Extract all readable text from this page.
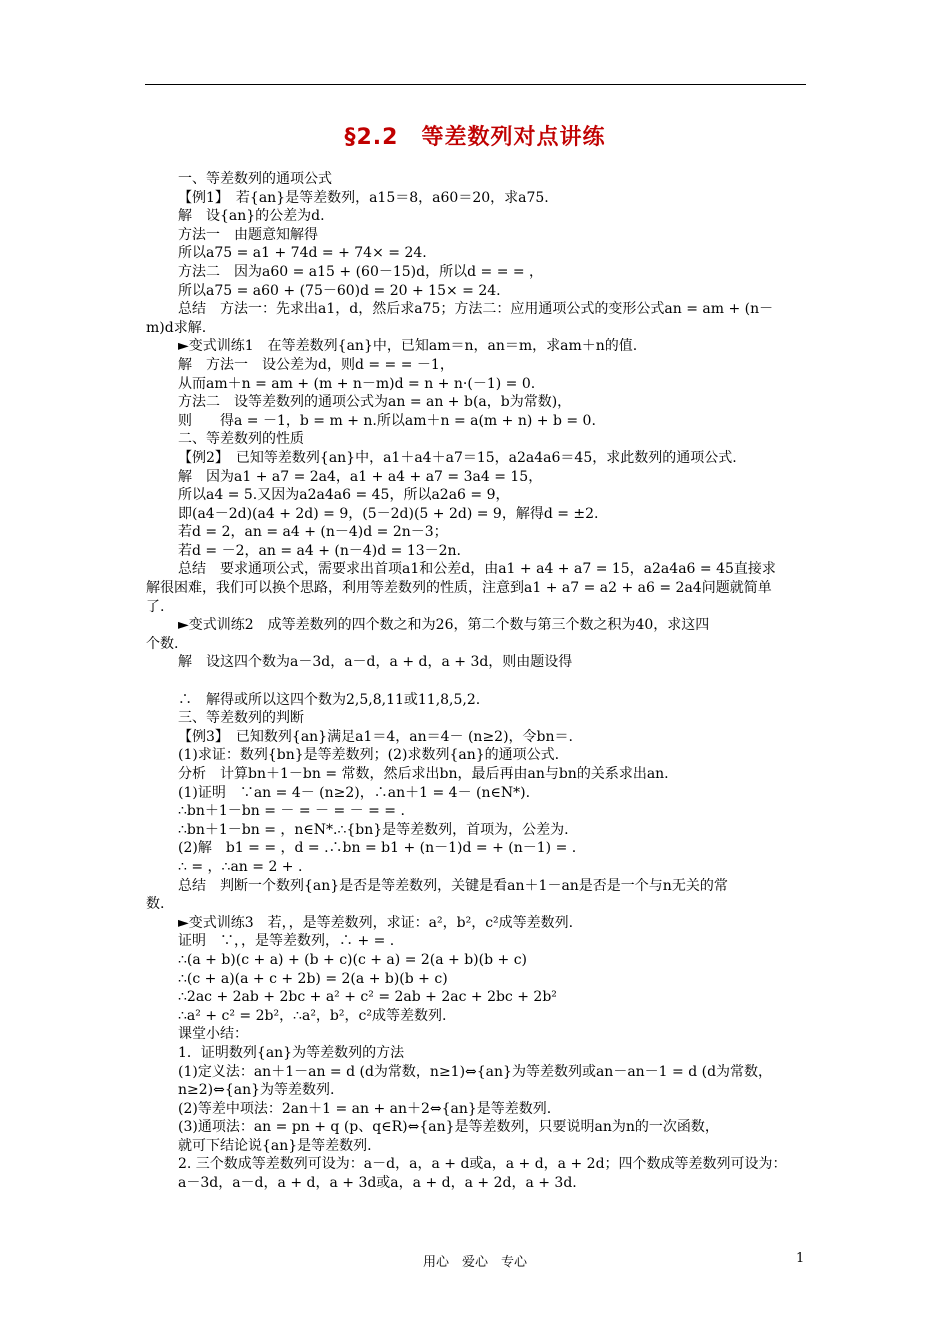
§2.2　等差数列对点讲练
一、等差数列的通项公式
【例1】　若{an}是等差数列，a15＝8，a60＝20，求a75.
解　设{an}的公差为d.
方法一　由题意知解得
所以a75 = a1 + 74d = + 74× = 24.
方法二　因为a60 = a15 + (60－15)d，所以d = = = ，
所以a75 = a60 + (75－60)d = 20 + 15× = 24.
总结　方法一：先求出a1，d，然后求a75；方法二：应用通项公式的变形公式an = am + (n－
m)d求解.
►变式训练1　在等差数列{an}中，已知am＝n，an＝m，求am＋n的值.
解　方法一　设公差为d，则d = = = －1，
从而am＋n = am + (m + n－m)d = n + n·(－1) = 0.
方法二　设等差数列的通项公式为an = an + b(a，b为常数)，
则　　得a = －1，b = m + n.所以am＋n = a(m + n) + b = 0.
二、等差数列的性质
【例2】　已知等差数列{an}中，a1＋a4＋a7＝15，a2a4a6＝45，求此数列的通项公式.
解　因为a1 + a7 = 2a4，a1 + a4 + a7 = 3a4 = 15，
所以a4 = 5.又因为a2a4a6 = 45，所以a2a6 = 9，
即(a4－2d)(a4 + 2d) = 9，(5－2d)(5 + 2d) = 9，解得d = ±2.
若d = 2，an = a4 + (n－4)d = 2n－3；
若d = －2，an = a4 + (n－4)d = 13－2n.
总结　要求通项公式，需要求出首项a1和公差d，由a1 + a4 + a7 = 15，a2a4a6 = 45直接求
解很困难，我们可以换个思路，利用等差数列的性质，注意到a1 + a7 = a2 + a6 = 2a4问题就简单
了.
►变式训练2　成等差数列的四个数之和为26，第二个数与第三个数之积为40，求这四
个数.
解　设这四个数为a－3d，a－d，a + d，a + 3d，则由题设得
∴　解得或所以这四个数为2,5,8,11或11,8,5,2.
三、等差数列的判断
【例3】　已知数列{an}满足a1＝4，an＝4－ (n≥2)，令bn＝.
(1)求证：数列{bn}是等差数列；(2)求数列{an}的通项公式.
分析　计算bn＋1－bn = 常数，然后求出bn，最后再由an与bn的关系求出an.
(1)证明　∵an = 4－ (n≥2)，∴an＋1 = 4－ (n∈N*).
∴bn＋1－bn = － = － = － = = .
∴bn＋1－bn = ，n∈N*.∴{bn}是等差数列，首项为，公差为.
(2)解　b1 = = ，d = .∴bn = b1 + (n－1)d = + (n－1) = .
∴ = ，∴an = 2 + .
总结　判断一个数列{an}是否是等差数列，关键是看an＋1－an是否是一个与n无关的常
数.
►变式训练3　若，，是等差数列，求证：a²，b²，c²成等差数列.
证明　∵，，是等差数列，∴ + = .
∴(a + b)(c + a) + (b + c)(c + a) = 2(a + b)(b + c)
∴(c + a)(a + c + 2b) = 2(a + b)(b + c)
∴2ac + 2ab + 2bc + a² + c² = 2ab + 2ac + 2bc + 2b²
∴a² + c² = 2b²，∴a²，b²，c²成等差数列.
课堂小结：
1．证明数列{an}为等差数列的方法
(1)定义法：an＋1－an = d (d为常数，n≥1)⇔{an}为等差数列或an－an－1 = d (d为常数，
n≥2)⇔{an}为等差数列.
(2)等差中项法：2an＋1 = an + an＋2⇔{an}是等差数列.
(3)通项法：an = pn + q (p、q∈R)⇔{an}是等差数列，只要说明an为n的一次函数，
就可下结论说{an}是等差数列.
2. 三个数成等差数列可设为：a－d，a，a + d或a，a + d，a + 2d；四个数成等差数列可设为：
a－3d，a－d，a + d，a + 3d或a，a + d，a + 2d，a + 3d.
用心　爱心　专心	1
